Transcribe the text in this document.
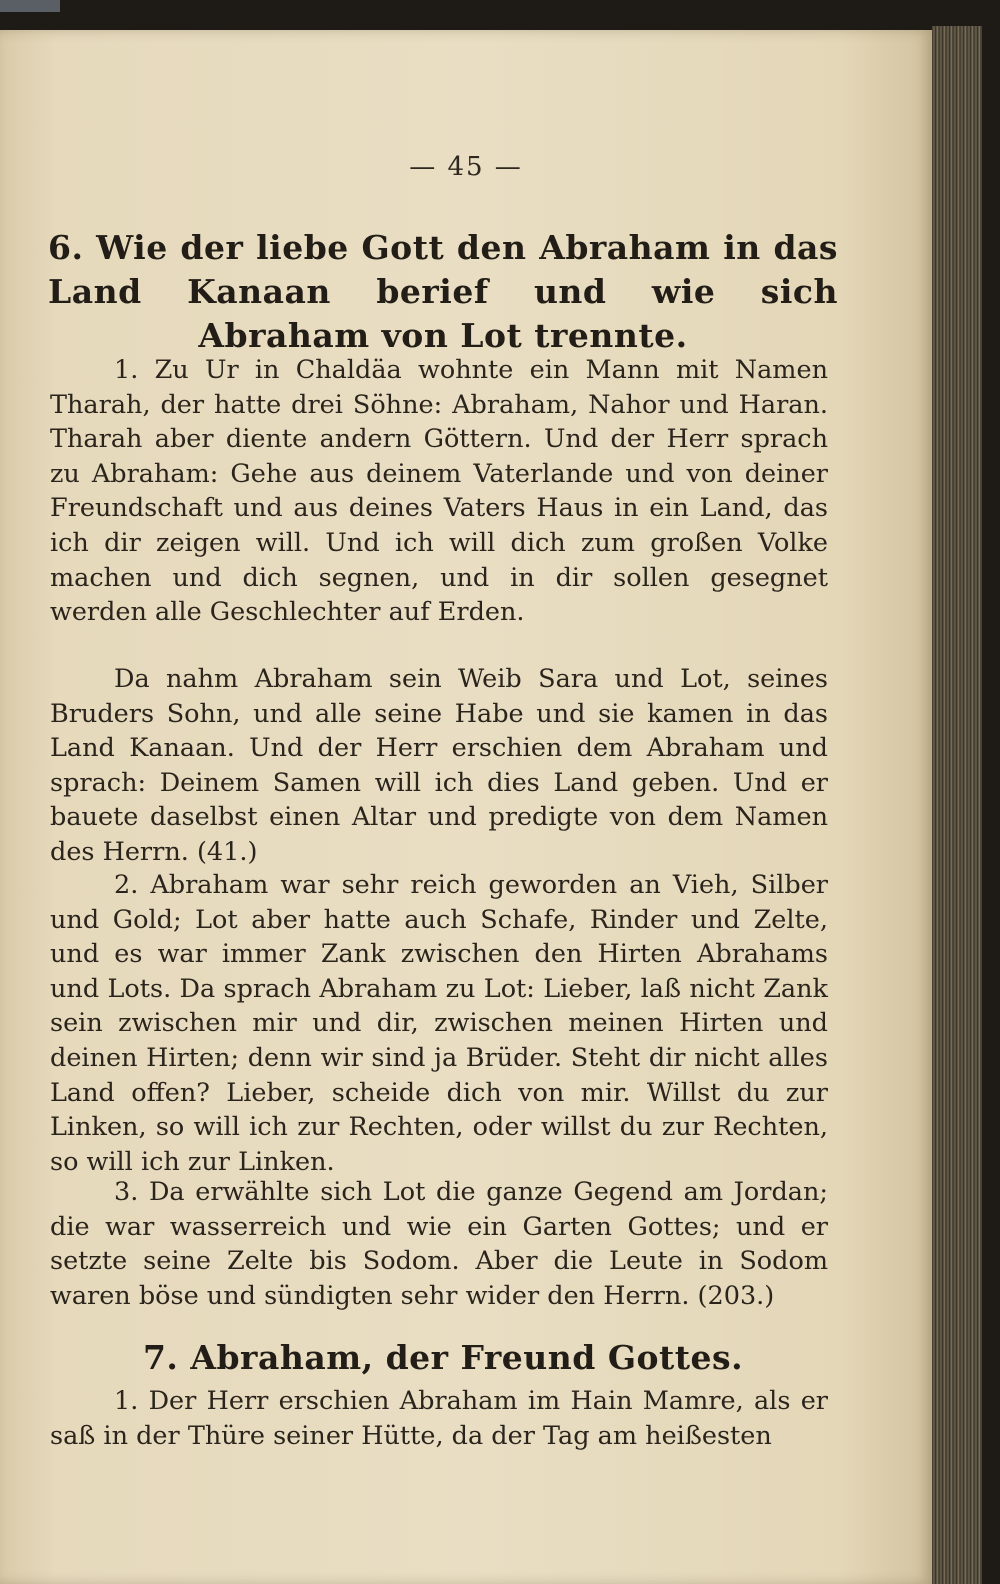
— 45 —
6. Wie der liebe Gott den Abraham in das Land Kanaan berief und wie sich Abraham von Lot trennte.
1. Zu Ur in Chaldäa wohnte ein Mann mit Namen Tharah, der hatte drei Söhne: Abraham, Nahor und Haran. Tharah aber diente andern Göttern. Und der Herr sprach zu Abraham: Gehe aus deinem Vaterlande und von deiner Freundschaft und aus deines Vaters Haus in ein Land, das ich dir zeigen will. Und ich will dich zum großen Volke machen und dich segnen, und in dir sollen gesegnet werden alle Geschlechter auf Erden.
Da nahm Abraham sein Weib Sara und Lot, seines Bruders Sohn, und alle seine Habe und sie kamen in das Land Kanaan. Und der Herr erschien dem Abraham und sprach: Deinem Samen will ich dies Land geben. Und er bauete daselbst einen Altar und predigte von dem Namen des Herrn. (41.)
2. Abraham war sehr reich geworden an Vieh, Silber und Gold; Lot aber hatte auch Schafe, Rinder und Zelte, und es war immer Zank zwischen den Hirten Abrahams und Lots. Da sprach Abraham zu Lot: Lieber, laß nicht Zank sein zwischen mir und dir, zwischen meinen Hirten und deinen Hirten; denn wir sind ja Brüder. Steht dir nicht alles Land offen? Lieber, scheide dich von mir. Willst du zur Linken, so will ich zur Rechten, oder willst du zur Rechten, so will ich zur Linken.
3. Da erwählte sich Lot die ganze Gegend am Jordan; die war wasserreich und wie ein Garten Gottes; und er setzte seine Zelte bis Sodom. Aber die Leute in Sodom waren böse und sündigten sehr wider den Herrn. (203.)
7. Abraham, der Freund Gottes.
1. Der Herr erschien Abraham im Hain Mamre, als er saß in der Thüre seiner Hütte, da der Tag am heißesten
